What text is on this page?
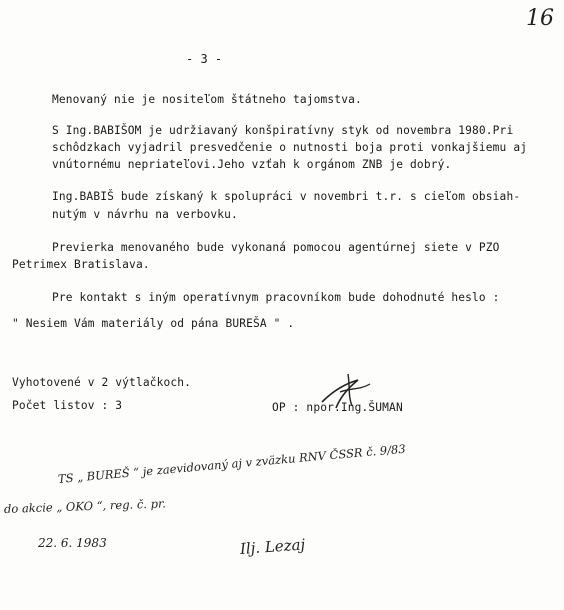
16
- 3 -
Menovaný nie je nositeľom štátneho tajomstva.
S Ing.BABIŠOM je udržiavaný konšpiratívny styk od novembra 1980.Pri
schôdzkach vyjadril presvedčenie o nutnosti boja proti vonkajšiemu aj
vnútornému nepriateľovi.Jeho vzťah k orgánom ZNB je dobrý.
Ing.BABIŠ bude získaný k spolupráci v novembri t.r. s cieľom obsiah-
nutým v návrhu na verbovku.
Previerka menovaného bude vykonaná pomocou agentúrnej siete v PZO
Petrimex Bratislava.
Pre kontakt s iným operatívnym pracovníkom bude dohodnuté heslo :
" Nesiem Vám materiály od pána BUREŠA " .
Vyhotovené v 2 výtlačkoch.
Počet listov : 3	OP : npor.Ing.ŠUMAN
TS „ BUREŠ “ je zaevidovaný aj v zväzku RNV ČSSR č. 9/83
do akcie „ OKO “, reg. č. pr.
22. 6. 1983	Ilj. Lezaj
